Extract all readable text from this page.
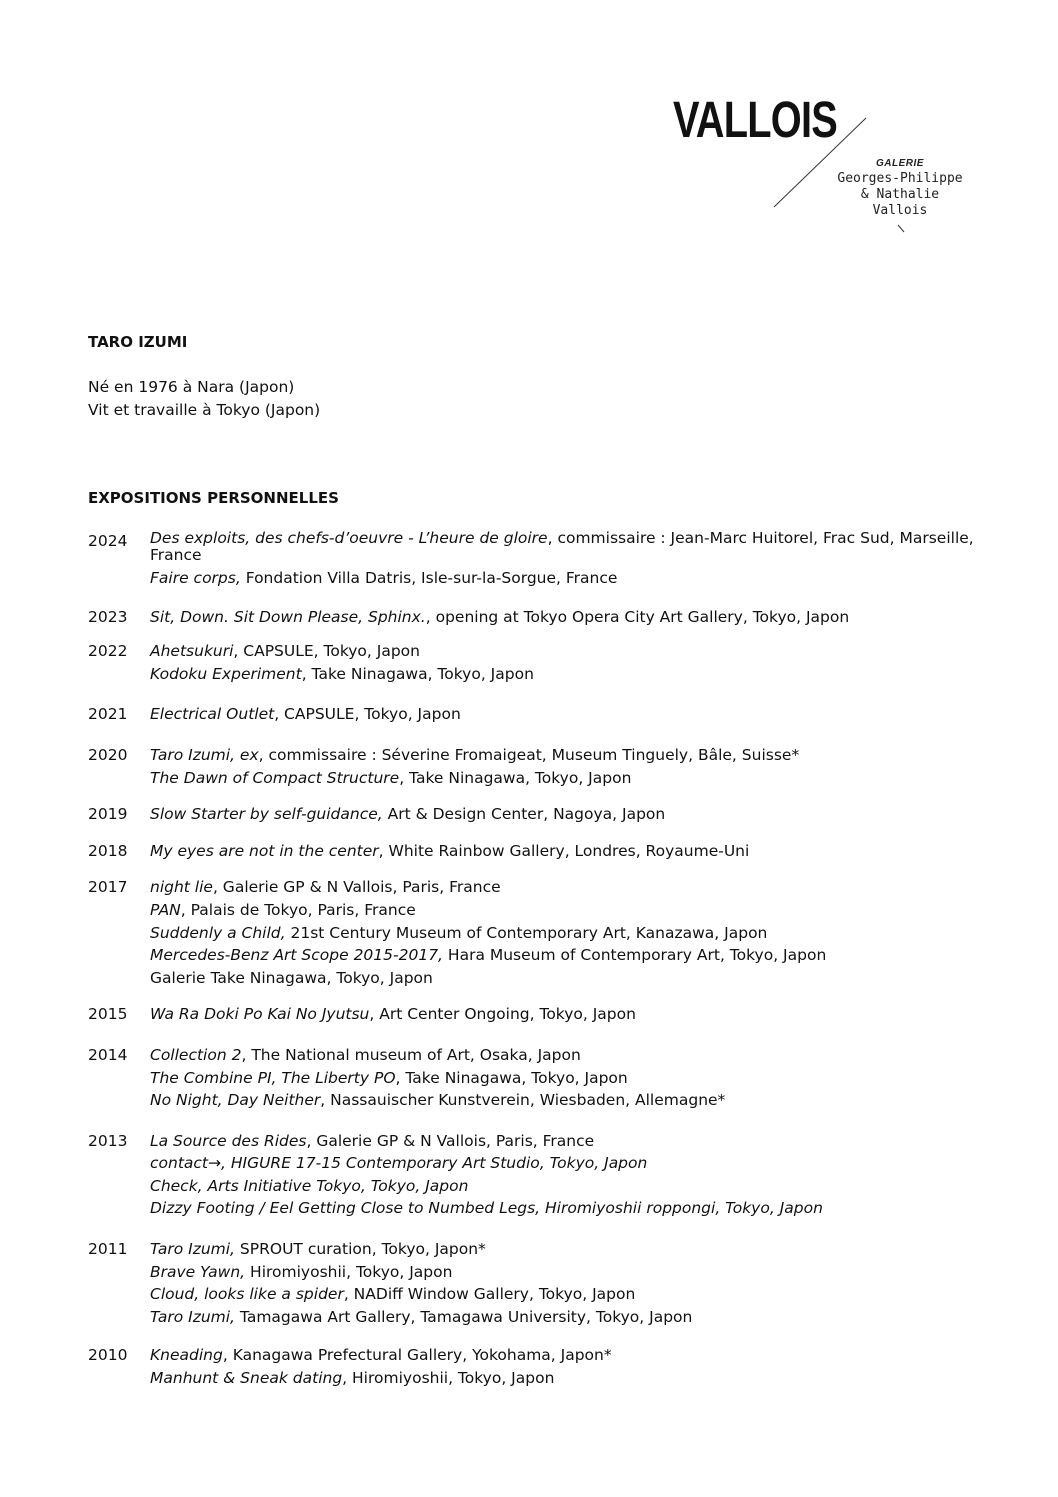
VALLOIS
GALERIE
Georges-Philippe
& Nathalie
Vallois
TARO IZUMI
Né en 1976 à Nara (Japon)
Vit et travaille à Tokyo (Japon)
EXPOSITIONS PERSONNELLES
2024	Des exploits, des chefs-d’oeuvre - L’heure de gloire, commissaire : Jean-Marc Huitorel, Frac Sud, Marseille, France
Faire corps, Fondation Villa Datris, Isle-sur-la-Sorgue, France
2023	Sit, Down. Sit Down Please, Sphinx., opening at Tokyo Opera City Art Gallery, Tokyo, Japon
2022	Ahetsukuri, CAPSULE, Tokyo, Japon
Kodoku Experiment, Take Ninagawa, Tokyo, Japon
2021	Electrical Outlet, CAPSULE, Tokyo, Japon
2020	Taro Izumi, ex, commissaire : Séverine Fromaigeat, Museum Tinguely, Bâle, Suisse*
The Dawn of Compact Structure, Take Ninagawa, Tokyo, Japon
2019	Slow Starter by self-guidance, Art & Design Center, Nagoya, Japon
2018	My eyes are not in the center, White Rainbow Gallery, Londres, Royaume-Uni
2017	night lie, Galerie GP & N Vallois, Paris, France
PAN, Palais de Tokyo, Paris, France
Suddenly a Child, 21st Century Museum of Contemporary Art, Kanazawa, Japon
Mercedes-Benz Art Scope 2015-2017, Hara Museum of Contemporary Art, Tokyo, Japon
Galerie Take Ninagawa, Tokyo, Japon
2015	Wa Ra Doki Po Kai No Jyutsu, Art Center Ongoing, Tokyo, Japon
2014	Collection 2, The National museum of Art, Osaka, Japon
The Combine PI, The Liberty PO, Take Ninagawa, Tokyo, Japon
No Night, Day Neither, Nassauischer Kunstverein, Wiesbaden, Allemagne*
2013	La Source des Rides, Galerie GP & N Vallois, Paris, France
contact→, HIGURE 17-15 Contemporary Art Studio, Tokyo, Japon
Check, Arts Initiative Tokyo, Tokyo, Japon
Dizzy Footing / Eel Getting Close to Numbed Legs, Hiromiyoshii roppongi, Tokyo, Japon
2011	Taro Izumi, SPROUT curation, Tokyo, Japon*
Brave Yawn, Hiromiyoshii, Tokyo, Japon
Cloud, looks like a spider, NADiff Window Gallery, Tokyo, Japon
Taro Izumi, Tamagawa Art Gallery, Tamagawa University, Tokyo, Japon
2010	Kneading, Kanagawa Prefectural Gallery, Yokohama, Japon*
Manhunt & Sneak dating, Hiromiyoshii, Tokyo, Japon
